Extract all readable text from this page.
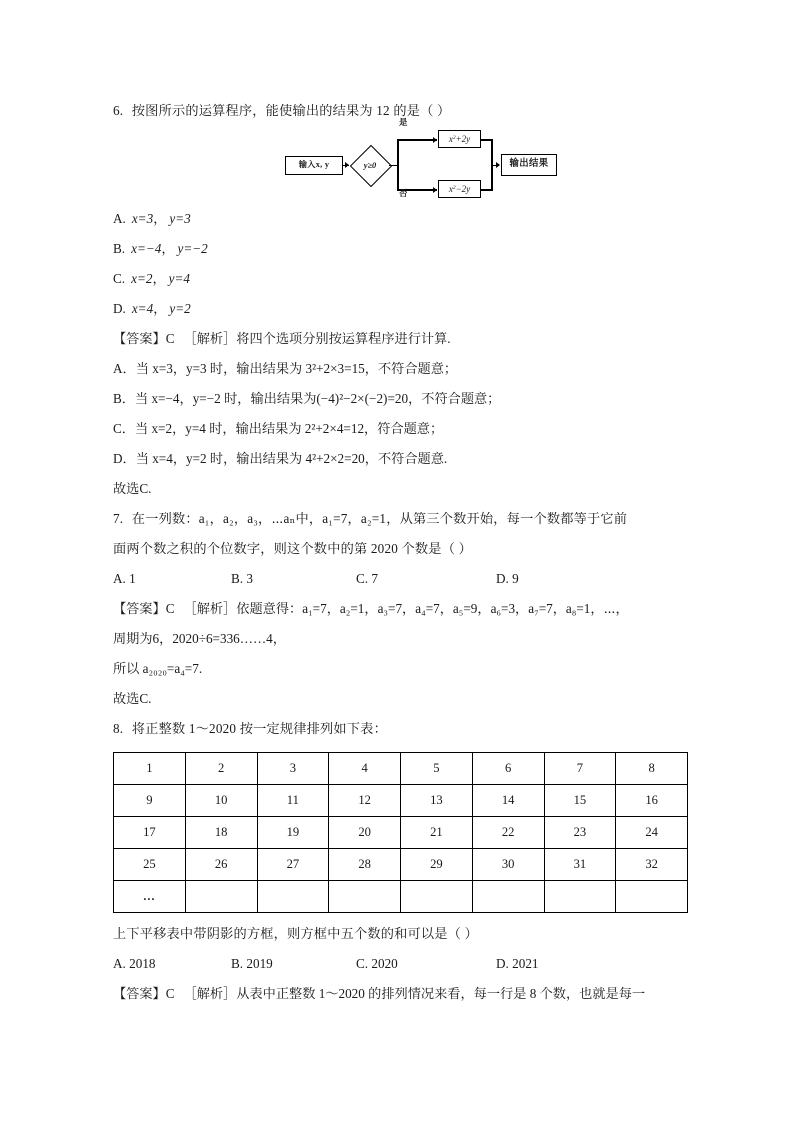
6. 按图所示的运算程序，能使输出的结果为 12 的是（ ）
输入x, y	y≥0
是
否
$x^2+2y$
$x^2-2y$
输出结果
A. x=3， y=3
B. x=−4， y=−2
C. x=2， y=4
D. x=4， y=2
【答案】C ［解析］将四个选项分别按运算程序进行计算.
A．当 x=3，y=3 时，输出结果为 3²+2×3=15，不符合题意；
B．当 x=−4，y=−2 时，输出结果为(−4)²−2×(−2)=20，不符合题意；
C．当 x=2，y=4 时，输出结果为 2²+2×4=12，符合题意；
D．当 x=4，y=2 时，输出结果为 4²+2×2=20，不符合题意.
故选C.
7. 在一列数：a₁，a₂，a₃，⋯aₙ中，a₁=7，a₂=1，从第三个数开始，每一个数都等于它前
面两个数之积的个位数字，则这个数中的第 2020 个数是（ ）
A. 1	B. 3	C. 7	D. 9
【答案】C ［解析］依题意得：a₁=7，a₂=1，a₃=7，a₄=7，a₅=9，a₆=3，a₇=7，a₈=1，⋯，
周期为6，2020÷6=336……4，
所以 a₂₀₂₀=a₄=7.
故选C.
8. 将正整数 1～2020 按一定规律排列如下表：
1	2	3	4	5	6	7	8
9	10	11	12	13	14	15	16
17	18	19	20	21	22	23	24
25	26	27	28	29	30	31	32
…							
上下平移表中带阴影的方框，则方框中五个数的和可以是（ ）
A. 2018	B. 2019	C. 2020	D. 2021
【答案】C ［解析］从表中正整数 1～2020 的排列情况来看，每一行是 8 个数，也就是每一
